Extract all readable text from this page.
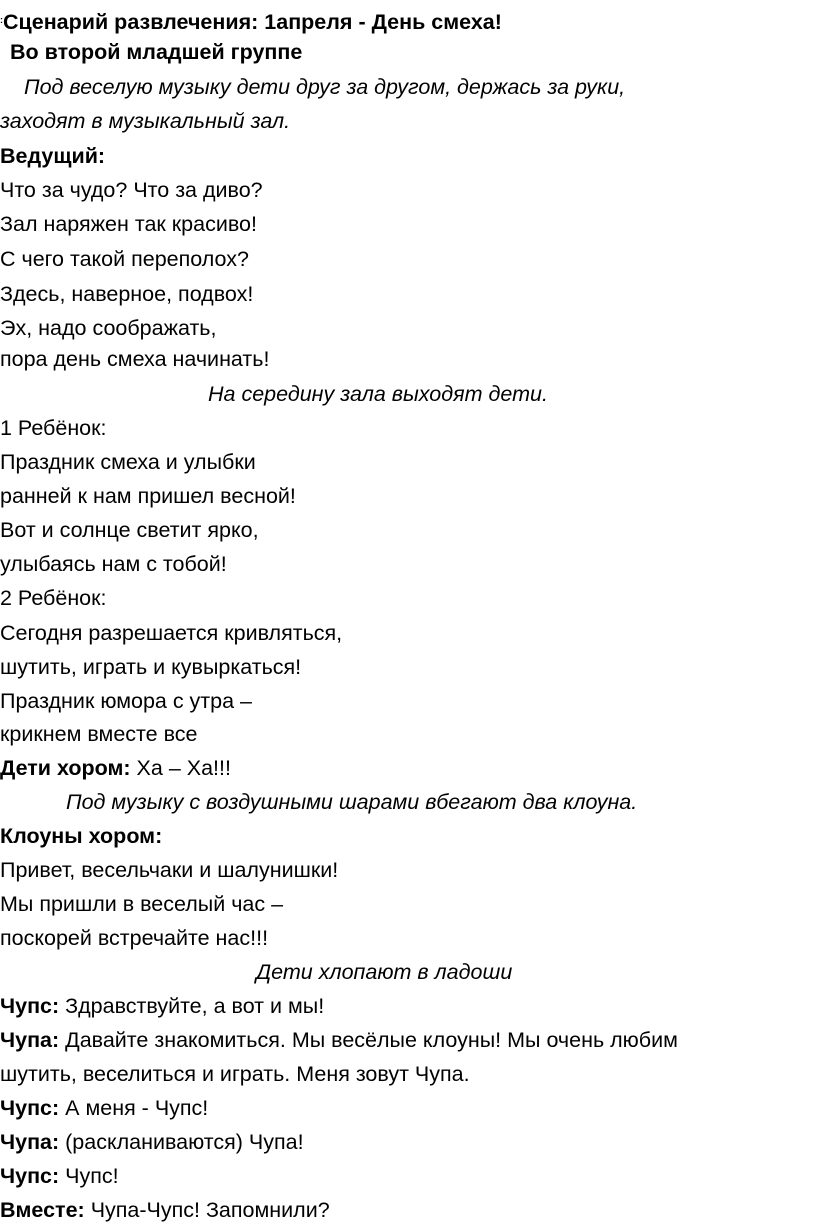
:Сценарий развлечения: 1апреля - День смеха!
Во второй младшей группе
Под веселую музыку дети друг за другом, держась за руки,
заходят в музыкальный зал.
Ведущий:
Что за чудо? Что за диво?
Зал наряжен так красиво!
С чего такой переполох?
Здесь, наверное, подвох!
Эх, надо соображать,
пора день смеха начинать!
На середину зала выходят дети.
1 Ребёнок:
Праздник смеха и улыбки
ранней к нам пришел весной!
Вот и солнце светит ярко,
улыбаясь нам с тобой!
2 Ребёнок:
Сегодня разрешается кривляться,
шутить, играть и кувыркаться!
Праздник юмора с утра –
крикнем вместе все
Дети хором: Ха – Ха!!!
Под музыку с воздушными шарами вбегают два клоуна.
Клоуны хором:
Привет, весельчаки и шалунишки!
Мы пришли в веселый час –
поскорей встречайте нас!!!
Дети хлопают в ладоши
Чупс: Здравствуйте, а вот и мы!
Чупа: Давайте знакомиться. Мы весёлые клоуны! Мы очень любим
шутить, веселиться и играть. Меня зовут Чупа.
Чупс: А меня - Чупс!
Чупа: (раскланиваются) Чупа!
Чупс: Чупс!
Вместе: Чупа-Чупс! Запомнили?
